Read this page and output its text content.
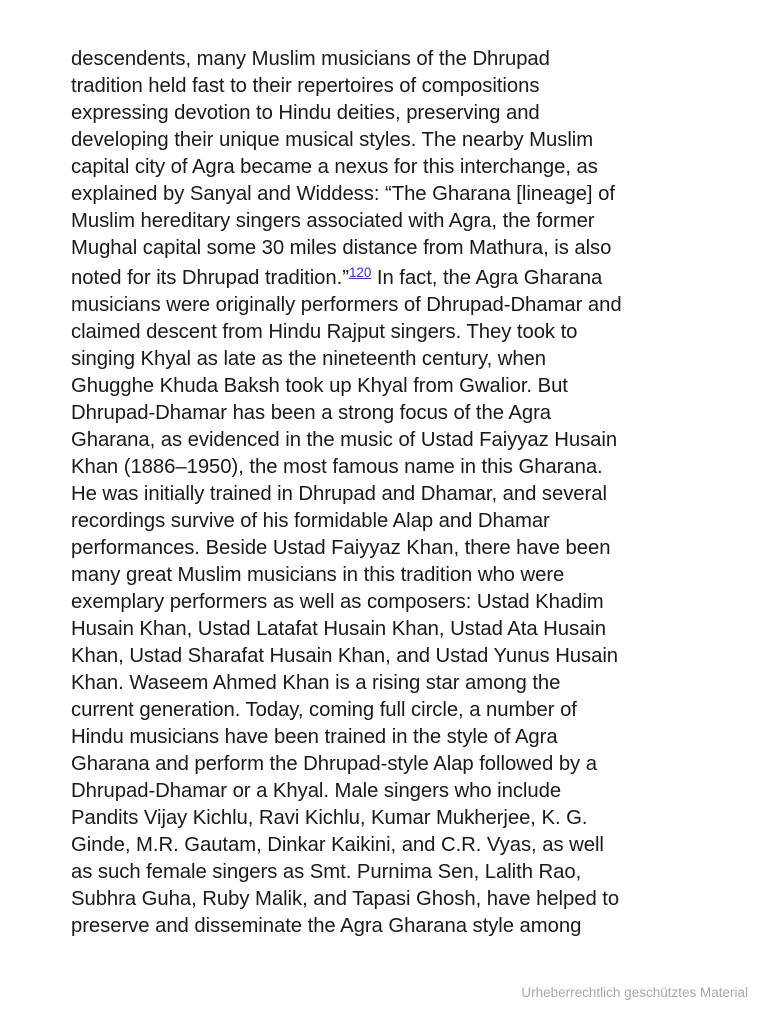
descendents, many Muslim musicians of the Dhrupad
tradition held fast to their repertoires of compositions
expressing devotion to Hindu deities, preserving and
developing their unique musical styles. The nearby Muslim
capital city of Agra became a nexus for this interchange, as
explained by Sanyal and Widdess: “The Gharana [lineage] of
Muslim hereditary singers associated with Agra, the former
Mughal capital some 30 miles distance from Mathura, is also
noted for its Dhrupad tradition.”$^{120}$ In fact, the Agra Gharana
musicians were originally performers of Dhrupad-Dhamar and
claimed descent from Hindu Rajput singers. They took to
singing Khyal as late as the nineteenth century, when
Ghugghe Khuda Baksh took up Khyal from Gwalior. But
Dhrupad-Dhamar has been a strong focus of the Agra
Gharana, as evidenced in the music of Ustad Faiyyaz Husain
Khan (1886–1950), the most famous name in this Gharana.
He was initially trained in Dhrupad and Dhamar, and several
recordings survive of his formidable Alap and Dhamar
performances. Beside Ustad Faiyyaz Khan, there have been
many great Muslim musicians in this tradition who were
exemplary performers as well as composers: Ustad Khadim
Husain Khan, Ustad Latafat Husain Khan, Ustad Ata Husain
Khan, Ustad Sharafat Husain Khan, and Ustad Yunus Husain
Khan. Waseem Ahmed Khan is a rising star among the
current generation. Today, coming full circle, a number of
Hindu musicians have been trained in the style of Agra
Gharana and perform the Dhrupad-style Alap followed by a
Dhrupad-Dhamar or a Khyal. Male singers who include
Pandits Vijay Kichlu, Ravi Kichlu, Kumar Mukherjee, K. G.
Ginde, M.R. Gautam, Dinkar Kaikini, and C.R. Vyas, as well
as such female singers as Smt. Purnima Sen, Lalith Rao,
Subhra Guha, Ruby Malik, and Tapasi Ghosh, have helped to
preserve and disseminate the Agra Gharana style among
Urheberrechtlich geschütztes Material
